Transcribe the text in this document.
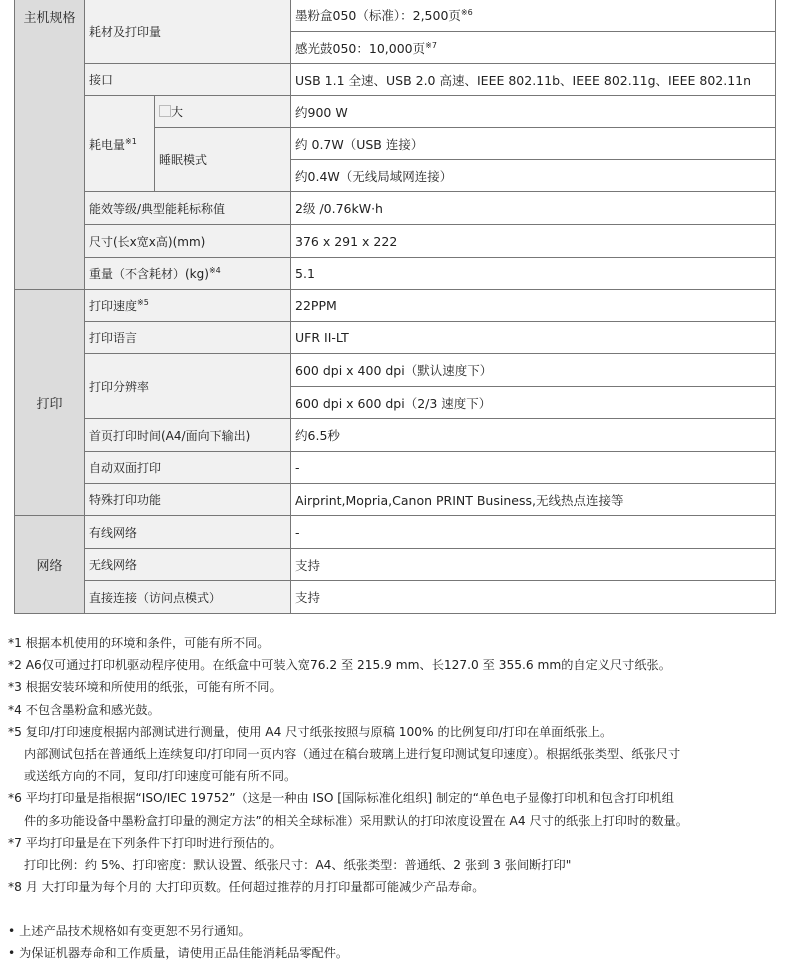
主机规格	耗材及打印量		墨粉盒050（标准）：2,500页$^{※6}$
			感光鼓050：10,000页$^{※7}$
	接口		USB 1.1 全速、USB 2.0 高速、IEEE 802.11b、IEEE 802.11g、IEEE 802.11n
	耗电量$^{※1}$	大	约900 W
		睡眠模式	约 0.7W（USB 连接）
			约0.4W（无线局域网连接）
	能效等级/典型能耗标称值		2级 /0.76kW·h
	尺寸(长x宽x高)(mm)		376 x 291 x 222
	重量（不含耗材）(kg)$^{※4}$		5.1
打印	打印速度$^{※5}$		22PPM
	打印语言		UFR II-LT
	打印分辨率		600 dpi x 400 dpi（默认速度下）
			600 dpi x 600 dpi（2/3 速度下）
	首页打印时间(A4/面向下输出)		约6.5秒
	自动双面打印		-
	特殊打印功能		Airprint,Mopria,Canon PRINT Business,无线热点连接等
网络	有线网络		-
	无线网络		支持
	直接连接（访问点模式）		支持

*1 根据本机使用的环境和条件，可能有所不同。

*2 A6仅可通过打印机驱动程序使用。在纸盒中可装入宽76.2 至 215.9 mm、长127.0 至 355.6 mm的自定义尺寸纸张。

*3 根据安装环境和所使用的纸张，可能有所不同。

*4 不包含墨粉盒和感光鼓。

*5 复印/打印速度根据内部测试进行测量，使用 A4 尺寸纸张按照与原稿 100% 的比例复印/打印在单面纸张上。

内部测试包括在普通纸上连续复印/打印同一页内容（通过在稿台玻璃上进行复印测试复印速度）。根据纸张类型、纸张尺寸

或送纸方向的不同，复印/打印速度可能有所不同。

*6 平均打印量是指根据“ISO/IEC 19752”（这是一种由 ISO [国际标准化组织] 制定的“单色电子显像打印机和包含打印机组

件的多功能设备中墨粉盒打印量的测定方法”的相关全球标准）采用默认的打印浓度设置在 A4 尺寸的纸张上打印时的数量。

*7 平均打印量是在下列条件下打印时进行预估的。

打印比例：约 5%、打印密度：默认设置、纸张尺寸：A4、纸张类型：普通纸、2 张到 3 张间断打印"

*8 月 大打印量为每个月的 大打印页数。任何超过推荐的月打印量都可能减少产品寿命。

• 上述产品技术规格如有变更恕不另行通知。

• 为保证机器寿命和工作质量，请使用正品佳能消耗品零配件。
